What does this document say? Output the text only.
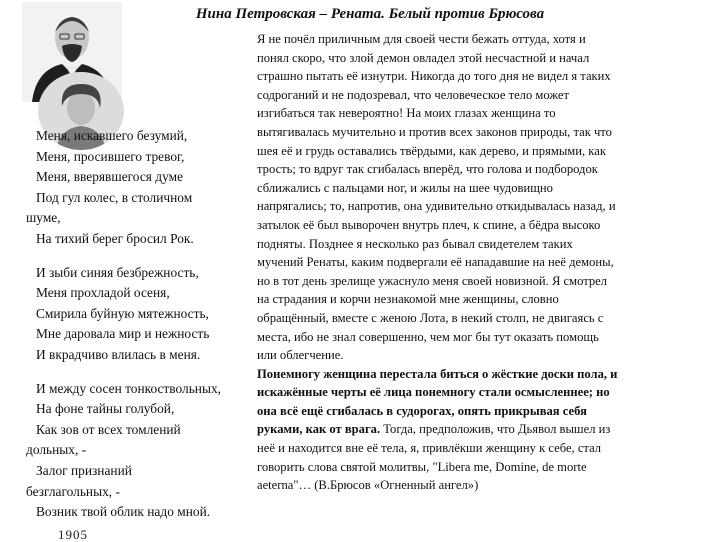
Нина Петровская – Рената. Белый против Брюсова
Меня, искавшего безумий,
Меня, просившего тревог,
Меня, вверявшегося думе
Под гул колес, в столичном
шуме,
На тихий берег бросил Рок.
И зыби синяя безбрежность,
Меня прохладой осеня,
Смирила буйную мятежность,
Мне даровала мир и нежность
И вкрадчиво влилась в меня.
И между сосен тонкоствольных,
На фоне тайны голубой,
Как зов от всех томлений
дольных, -
Залог признаний
безглагольных, -
Возник твой облик надо мной.
1905
Я не почёл приличным для своей чести бежать оттуда, хотя и
понял скоро, что злой демон овладел этой несчастной и начал
страшно пытать её изнутри. Никогда до того дня не видел я таких
содроганий и не подозревал, что человеческое тело может
изгибаться так невероятно! На моих глазах женщина то
вытягивалась мучительно и против всех законов природы, так что
шея её и грудь оставались твёрдыми, как дерево, и прямыми, как
трость; то вдруг так сгибалась вперёд, что голова и подбородок
сближались с пальцами ног, и жилы на шее чудовищно
напрягались; то, напротив, она удивительно откидывалась назад, и
затылок её был выворочен внутрь плеч, к спине, а бёдра высоко
подняты. Позднее я несколько раз бывал свидетелем таких
мучений Ренаты, каким подвергали её нападавшие на неё демоны,
но в тот день зрелище ужаснуло меня своей новизной. Я смотрел
на страдания и корчи незнакомой мне женщины, словно
обращённый, вместе с женою Лота, в некий столп, не двигаясь с
места, ибо не знал совершенно, чем мог бы тут оказать помощь
или облегчение.
Понемногу женщина перестала биться о жёсткие доски пола, и
искажённые черты её лица понемногу стали осмысленнее; но
она всё ещё сгибалась в судорогах, опять прикрывая себя
руками, как от врага. Тогда, предположив, что Дьявол вышел из
неё и находится вне её тела, я, привлёкши женщину к себе, стал
говорить слова святой молитвы, "Libera me, Domine, de morte
aeterna"… (В.Брюсов «Огненный ангел»)
